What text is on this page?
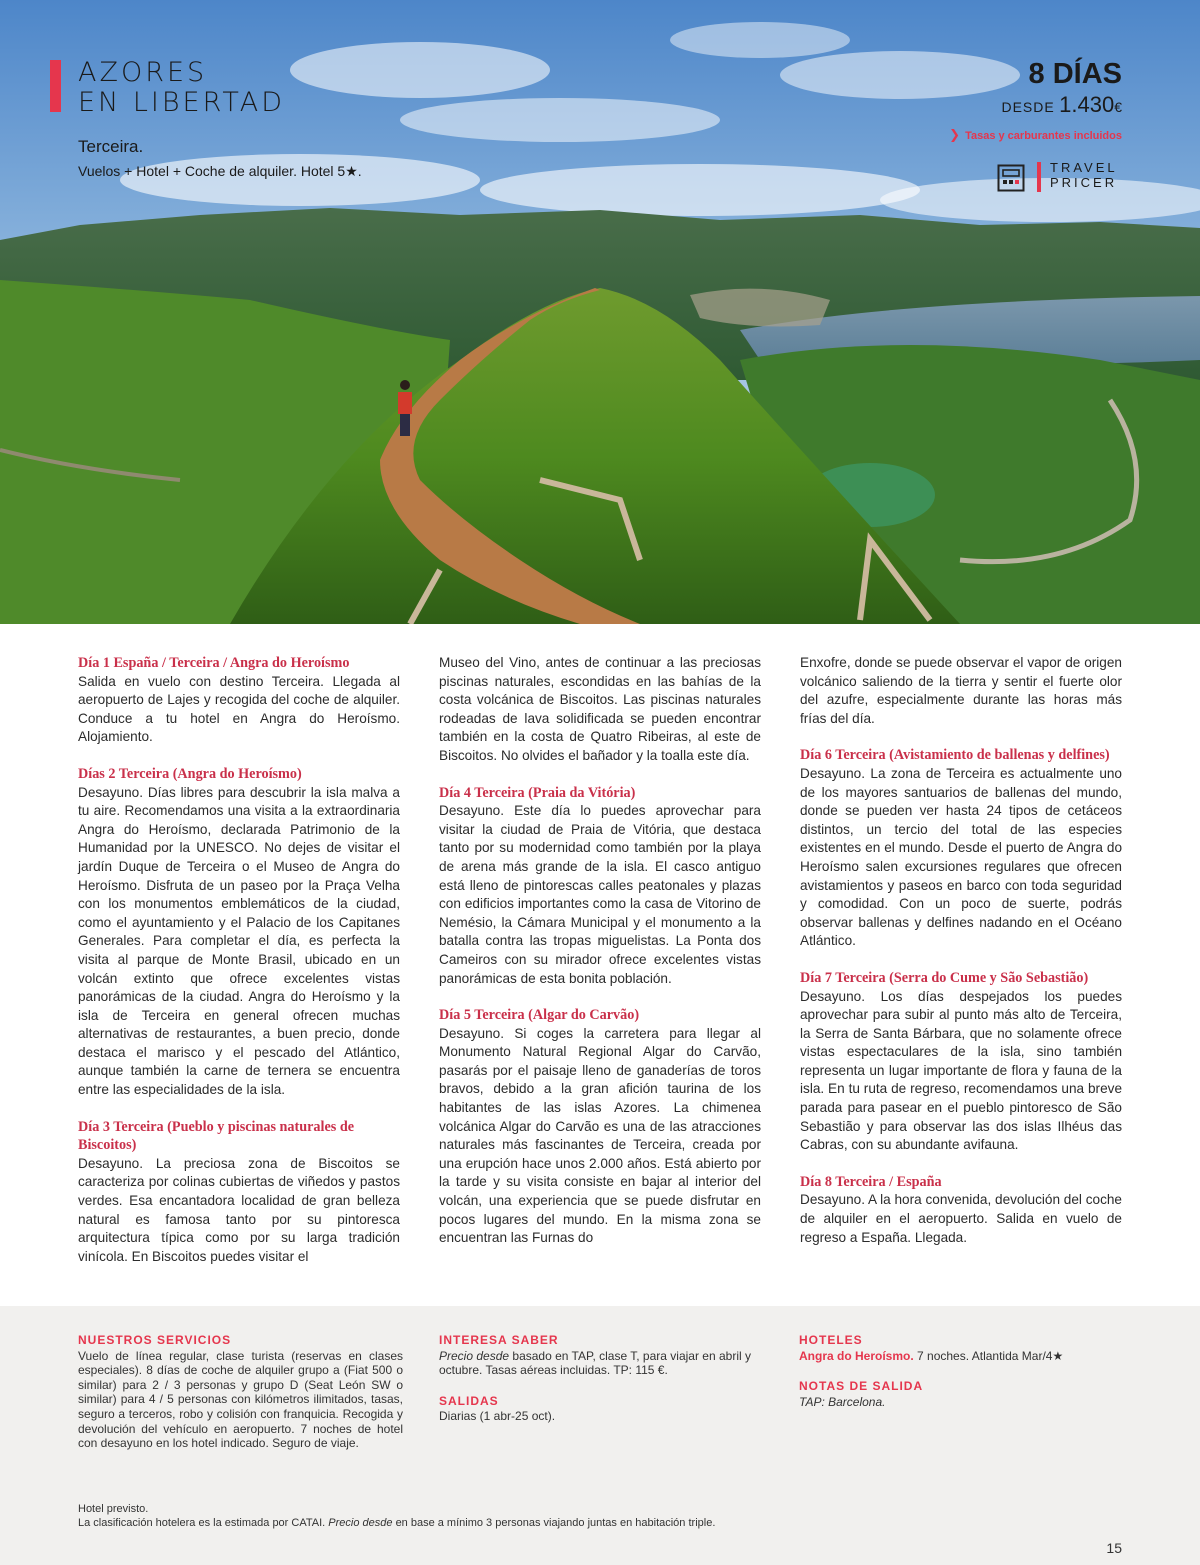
AZORES
EN LIBERTAD
Terceira.
Vuelos + Hotel + Coche de alquiler. Hotel 5★.
8 DÍAS
DESDE 1.430€
❯ Tasas y carburantes incluidos
TRAVEL
PRICER
Día 1 España / Terceira / Angra do Heroísmo

Salida en vuelo con destino Terceira. Llegada al aeropuerto de Lajes y recogida del coche de alquiler. Conduce a tu hotel en Angra do Heroísmo. Alojamiento.

Días 2 Terceira (Angra do Heroísmo)

Desayuno. Días libres para descubrir la isla malva a tu aire. Recomendamos una visita a la extraordinaria Angra do Heroísmo, declarada Patrimonio de la Humanidad por la UNESCO. No dejes de visitar el jardín Duque de Terceira o el Museo de Angra do Heroísmo. Disfruta de un paseo por la Praça Velha con los monumentos emblemáticos de la ciudad, como el ayuntamiento y el Palacio de los Capitanes Generales. Para completar el día, es perfecta la visita al parque de Monte Brasil, ubicado en un volcán extinto que ofrece excelentes vistas panorámicas de la ciudad. Angra do Heroísmo y la isla de Terceira en general ofrecen muchas alternativas de restaurantes, a buen precio, donde destaca el marisco y el pescado del Atlántico, aunque también la carne de ternera se encuentra entre las especialidades de la isla.

Día 3 Terceira (Pueblo y piscinas naturales de Biscoitos)

Desayuno. La preciosa zona de Biscoitos se caracteriza por colinas cubiertas de viñedos y pastos verdes. Esa encantadora localidad de gran belleza natural es famosa tanto por su pintoresca arquitectura típica como por su larga tradición vinícola. En Biscoitos puedes visitar el

Museo del Vino, antes de continuar a las preciosas piscinas naturales, escondidas en las bahías de la costa volcánica de Biscoitos. Las piscinas naturales rodeadas de lava solidificada se pueden encontrar también en la costa de Quatro Ribeiras, al este de Biscoitos. No olvides el bañador y la toalla este día.

Día 4 Terceira (Praia da Vitória)

Desayuno. Este día lo puedes aprovechar para visitar la ciudad de Praia de Vitória, que destaca tanto por su modernidad como también por la playa de arena más grande de la isla. El casco antiguo está lleno de pintorescas calles peatonales y plazas con edificios importantes como la casa de Vitorino de Nemésio, la Cámara Municipal y el monumento a la batalla contra las tropas miguelistas. La Ponta dos Cameiros con su mirador ofrece excelentes vistas panorámicas de esta bonita población.

Día 5 Terceira (Algar do Carvão)

Desayuno. Si coges la carretera para llegar al Monumento Natural Regional Algar do Carvão, pasarás por el paisaje lleno de ganaderías de toros bravos, debido a la gran afición taurina de los habitantes de las islas Azores. La chimenea volcánica Algar do Carvão es una de las atracciones naturales más fascinantes de Terceira, creada por una erupción hace unos 2.000 años. Está abierto por la tarde y su visita consiste en bajar al interior del volcán, una experiencia que se puede disfrutar en pocos lugares del mundo. En la misma zona se encuentran las Furnas do

Enxofre, donde se puede observar el vapor de origen volcánico saliendo de la tierra y sentir el fuerte olor del azufre, especialmente durante las horas más frías del día.

Día 6 Terceira (Avistamiento de ballenas y delfines)

Desayuno. La zona de Terceira es actualmente uno de los mayores santuarios de ballenas del mundo, donde se pueden ver hasta 24 tipos de cetáceos distintos, un tercio del total de las especies existentes en el mundo. Desde el puerto de Angra do Heroísmo salen excursiones regulares que ofrecen avistamientos y paseos en barco con toda seguridad y comodidad. Con un poco de suerte, podrás observar ballenas y delfines nadando en el Océano Atlántico.

Día 7 Terceira (Serra do Cume y São Sebastião)

Desayuno. Los días despejados los puedes aprovechar para subir al punto más alto de Terceira, la Serra de Santa Bárbara, que no solamente ofrece vistas espectaculares de la isla, sino también representa un lugar importante de flora y fauna de la isla. En tu ruta de regreso, recomendamos una breve parada para pasear en el pueblo pintoresco de São Sebastião y para observar las dos islas Ilhéus das Cabras, con su abundante avifauna.

Día 8 Terceira / España

Desayuno. A la hora convenida, devolución del coche de alquiler en el aeropuerto. Salida en vuelo de regreso a España. Llegada.

NUESTROS SERVICIOS
Vuelo de línea regular, clase turista (reservas en clases especiales). 8 días de coche de alquiler grupo a (Fiat 500 o similar) para 2 / 3 personas y grupo D (Seat León SW o similar) para 4 / 5 personas con kilómetros ilimitados, tasas, seguro a terceros, robo y colisión con franquicia. Recogida y devolución del vehículo en aeropuerto. 7 noches de hotel con desayuno en los hotel indicado. Seguro de viaje.
INTERESA SABER
Precio desde basado en TAP, clase T, para viajar en abril y octubre. Tasas aéreas incluidas. TP: 115 €.
SALIDAS
Diarias (1 abr-25 oct).
HOTELES
Angra do Heroísmo. 7 noches. Atlantida Mar/4★
NOTAS DE SALIDA
TAP: Barcelona.
Hotel previsto.
La clasificación hotelera es la estimada por CATAI. Precio desde en base a mínimo 3 personas viajando juntas en habitación triple.
15
